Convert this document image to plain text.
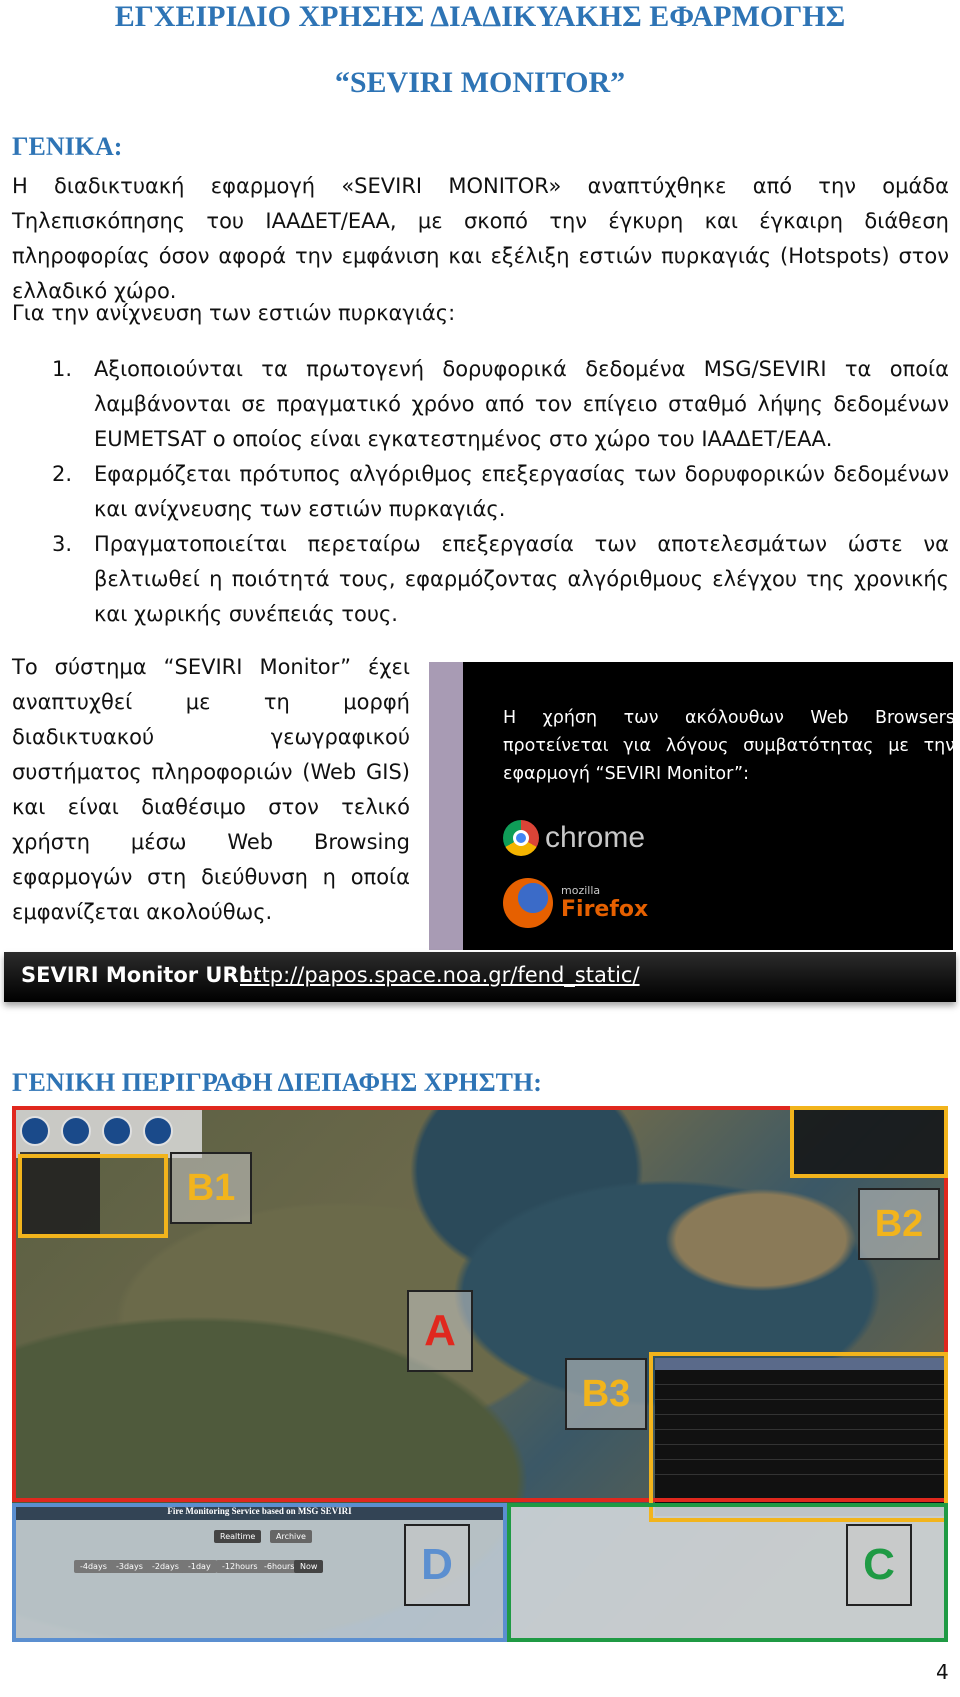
ΕΓΧΕΙΡΙΔΙΟ ΧΡΗΣΗΣ ΔΙΑΔΙΚΥΑΚΗΣ ΕΦΑΡΜΟΓΗΣ
“SEVIRI MONITOR”
ΓΕΝΙΚΑ:

Η διαδικτυακή εφαρμογή «SEVIRI MONITOR» αναπτύχθηκε από την ομάδα Τηλεπισκόπησης του ΙΑΑΔΕΤ/ΕΑΑ, με σκοπό την έγκυρη και έγκαιρη διάθεση πληροφορίας όσον αφορά την εμφάνιση και εξέλιξη εστιών πυρκαγιάς (Hotspots) στον ελλαδικό χώρο.

Για την ανίχνευση των εστιών πυρκαγιάς:
1. Αξιοποιούνται τα πρωτογενή δορυφορικά δεδομένα MSG/SEVIRI τα οποία λαμβάνονται σε πραγματικό χρόνο από τον επίγειο σταθμό λήψης δεδομένων EUMETSAT ο οποίος είναι εγκατεστημένος στο χώρο του ΙΑΑΔΕΤ/ΕΑΑ.
2. Εφαρμόζεται πρότυπος αλγόριθμος επεξεργασίας των δορυφορικών δεδομένων και ανίχνευσης των εστιών πυρκαγιάς.
3. Πραγματοποιείται περεταίρω επεξεργασία των αποτελεσμάτων ώστε να βελτιωθεί η ποιότητά τους, εφαρμόζοντας αλγόριθμους ελέγχου της χρονικής και χωρικής συνέπειάς τους.

Το σύστημα “SEVIRI Monitor” έχει αναπτυχθεί με τη μορφή διαδικτυακού γεωγραφικού συστήματος πληροφοριών (Web GIS) και είναι διαθέσιμο στον τελικό χρήστη μέσω Web Browsing εφαρμογών στη διεύθυνση η οποία εμφανίζεται ακολούθως.

Η χρήση των ακόλουθων Web Browsers προτείνεται για λόγους συμβατότητας με την εφαρμογή “SEVIRI Monitor”:

chrome
mozilla
Firefox
SEVIRI Monitor URL:
http://papos.space.noa.gr/fend_static/
ΓΕΝΙΚΗ ΠΕΡΙΓΡΑΦΗ ΔΙΕΠΑΦΗΣ ΧΡΗΣΤΗ:
Fire Monitoring Service based on MSG SEVIRI
Realtime	Archive
-4days	-3days	-2days	-1day	-12hours -6hours Now
B1
B2
A
B3
D	C
4
